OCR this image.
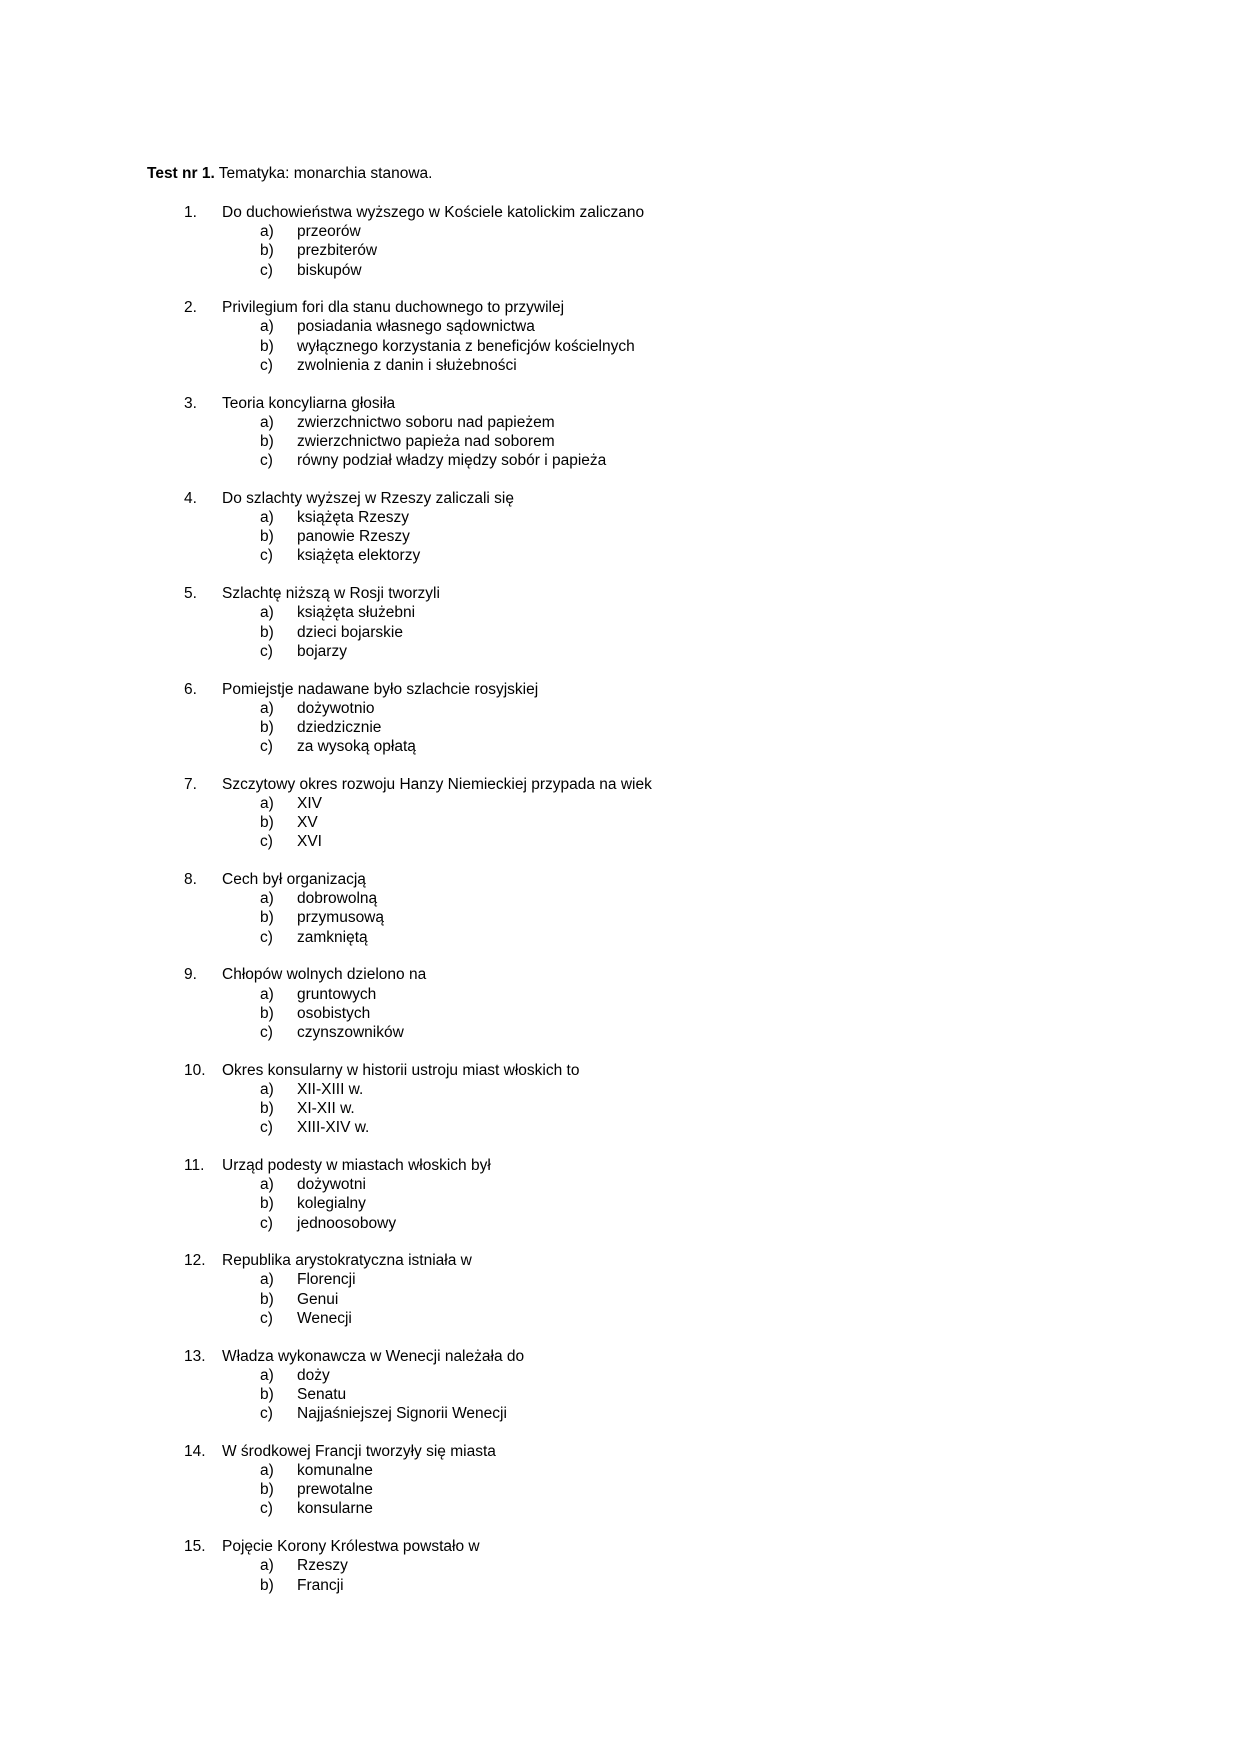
Test nr 1. Tematyka: monarchia stanowa.
1. Do duchowieństwa wyższego w Kościele katolickim zaliczano
a) przeorów
b) prezbiterów
c) biskupów
2. Privilegium fori dla stanu duchownego to przywilej
a) posiadania własnego sądownictwa
b) wyłącznego korzystania z beneficjów kościelnych
c) zwolnienia z danin i służebności
3. Teoria koncyliarna głosiła
a) zwierzchnictwo soboru nad papieżem
b) zwierzchnictwo papieża nad soborem
c) równy podział władzy między sobór i papieża
4. Do szlachty wyższej w Rzeszy zaliczali się
a) książęta Rzeszy
b) panowie Rzeszy
c) książęta elektorzy
5. Szlachtę niższą w Rosji tworzyli
a) książęta służebni
b) dzieci bojarskie
c) bojarzy
6. Pomiejstje nadawane było szlachcie rosyjskiej
a) dożywotnio
b) dziedzicznie
c) za wysoką opłatą
7. Szczytowy okres rozwoju Hanzy Niemieckiej przypada na wiek
a) XIV
b) XV
c) XVI
8. Cech był organizacją
a) dobrowolną
b) przymusową
c) zamkniętą
9. Chłopów wolnych dzielono na
a) gruntowych
b) osobistych
c) czynszowników
10. Okres konsularny w historii ustroju miast włoskich to
a) XII-XIII w.
b) XI-XII w.
c) XIII-XIV w.
11. Urząd podesty w miastach włoskich był
a) dożywotni
b) kolegialny
c) jednoosobowy
12. Republika arystokratyczna istniała w
a) Florencji
b) Genui
c) Wenecji
13. Władza wykonawcza w Wenecji należała do
a) doży
b) Senatu
c) Najjaśniejszej Signorii Wenecji
14. W środkowej Francji tworzyły się miasta
a) komunalne
b) prewotalne
c) konsularne
15. Pojęcie Korony Królestwa powstało w
a) Rzeszy
b) Francji
